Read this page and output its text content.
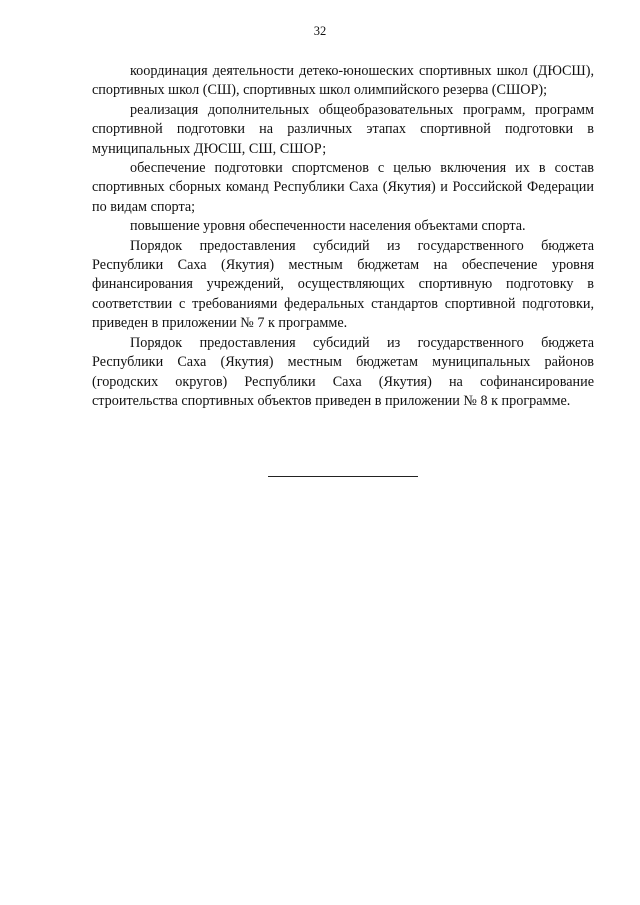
32

координация деятельности детеко-юношеских спортивных школ (ДЮСШ), спортивных школ (СШ), спортивных школ олимпийского резерва (СШОР);

реализация дополнительных общеобразовательных программ, программ спортивной подготовки на различных этапах спортивной подготовки в муниципальных ДЮСШ, СШ, СШОР;

обеспечение подготовки спортсменов с целью включения их в состав спортивных сборных команд Республики Саха (Якутия) и Российской Федерации по видам спорта;

повышение уровня обеспеченности населения объектами спорта.

Порядок предоставления субсидий из государственного бюджета Республики Саха (Якутия) местным бюджетам на обеспечение уровня финансирования учреждений, осуществляющих спортивную подготовку в соответствии с требованиями федеральных стандартов спортивной подготовки, приведен в приложении № 7 к программе.

Порядок предоставления субсидий из государственного бюджета Республики Саха (Якутия) местным бюджетам муниципальных районов (городских округов) Республики Саха (Якутия) на софинансирование строительства спортивных объектов приведен в приложении № 8 к программе.
